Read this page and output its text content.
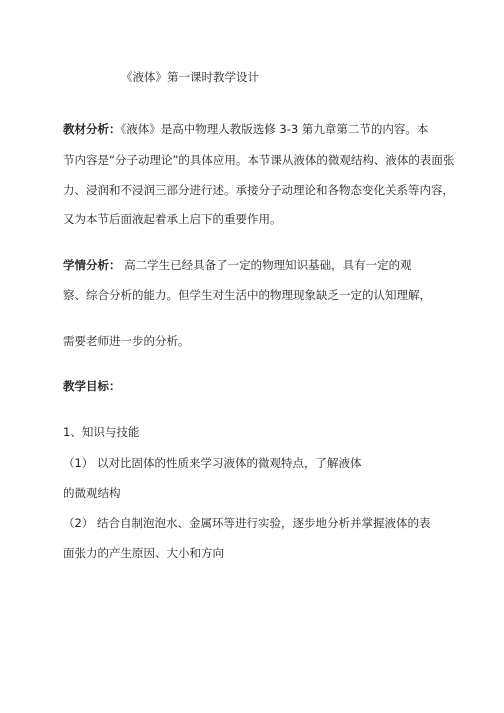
《液体》第一课时教学设计
教材分析：《液体》是高中物理人教版选修 3-3 第九章第二节的内容。本
节内容是“分子动理论”的具体应用。本节课从液体的微观结构、液体的表面张
力、浸润和不浸润三部分进行述。承接分子动理论和各物态变化关系等内容，
又为本节后面液起着承上启下的重要作用。
学情分析： 高二学生已经具备了一定的物理知识基础，具有一定的观
察、综合分析的能力。但学生对生活中的物理现象缺乏一定的认知理解，
需要老师进一步的分析。
教学目标：
1、知识与技能
（1） 以对比固体的性质来学习液体的微观特点，了解液体
的微观结构
（2） 结合自制泡泡水、金属环等进行实验，逐步地分析并掌握液体的表
面张力的产生原因、大小和方向
